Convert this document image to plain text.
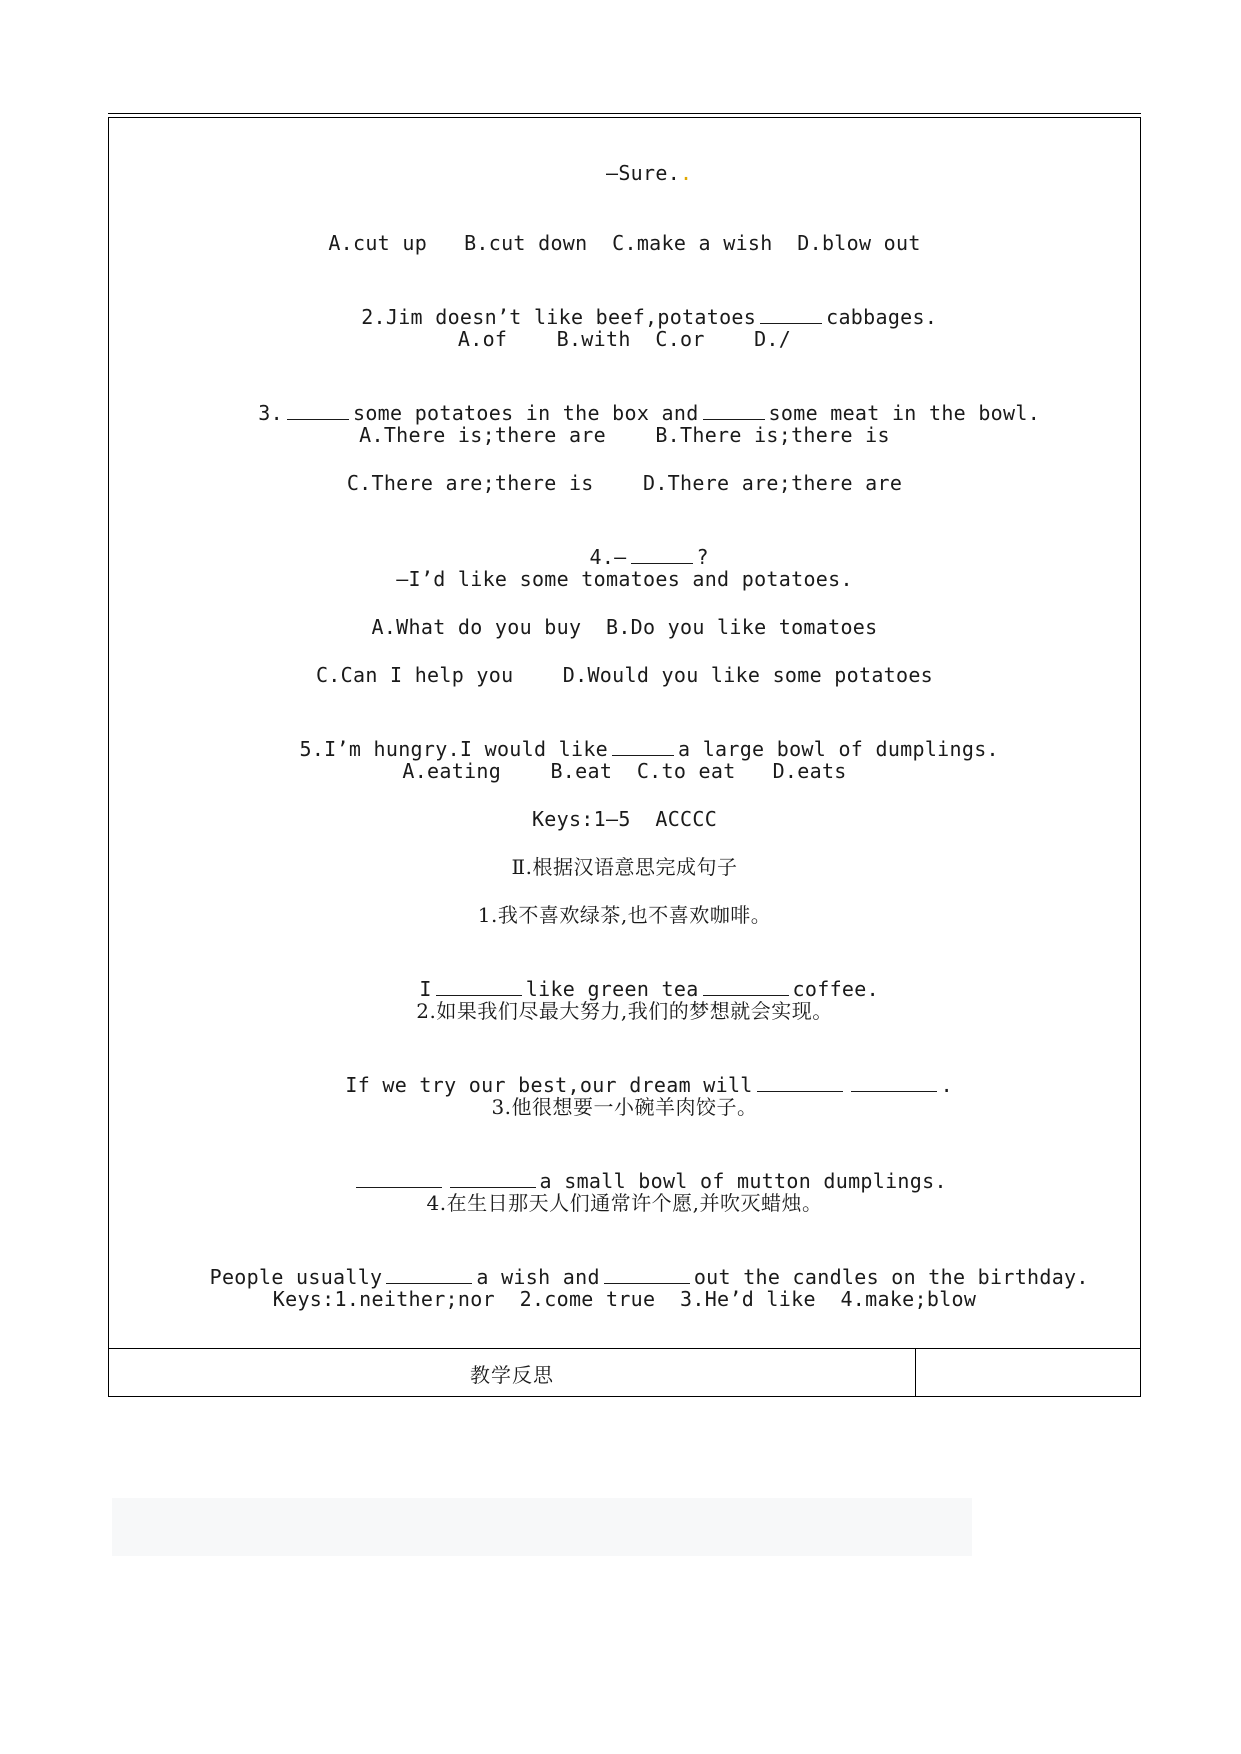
—Sure..

A.cut up   B.cut down  C.make a wish  D.blow out

2.Jim doesn’t like beef,potatoes	cabbages.

A.of    B.with  C.or    D./

3.	some potatoes in the box and	some meat in the bowl.

A.There is;there are    B.There is;there is
C.There are;there is    D.There are;there are

4.—	?

—I’d like some tomatoes and potatoes.
A.What do you buy  B.Do you like tomatoes
C.Can I help you    D.Would you like some potatoes

5.I’m hungry.I would like	a large bowl of dumplings.

A.eating    B.eat  C.to eat   D.eats
Keys:1—5  ACCCC
Ⅱ.根据汉语意思完成句子
1.我不喜欢绿茶,也不喜欢咖啡。

I	like green tea	coffee.

2.如果我们尽最大努力,我们的梦想就会实现。

If we try our best,our dream will	.

3.他很想要一小碗羊肉饺子。

a small bowl of mutton dumplings.

4.在生日那天人们通常许个愿,并吹灭蜡烛。

People usually	a wish and	out the candles on the birthday.

Keys:1.neither;nor  2.come true  3.He’d like  4.make;blow
教学反思
